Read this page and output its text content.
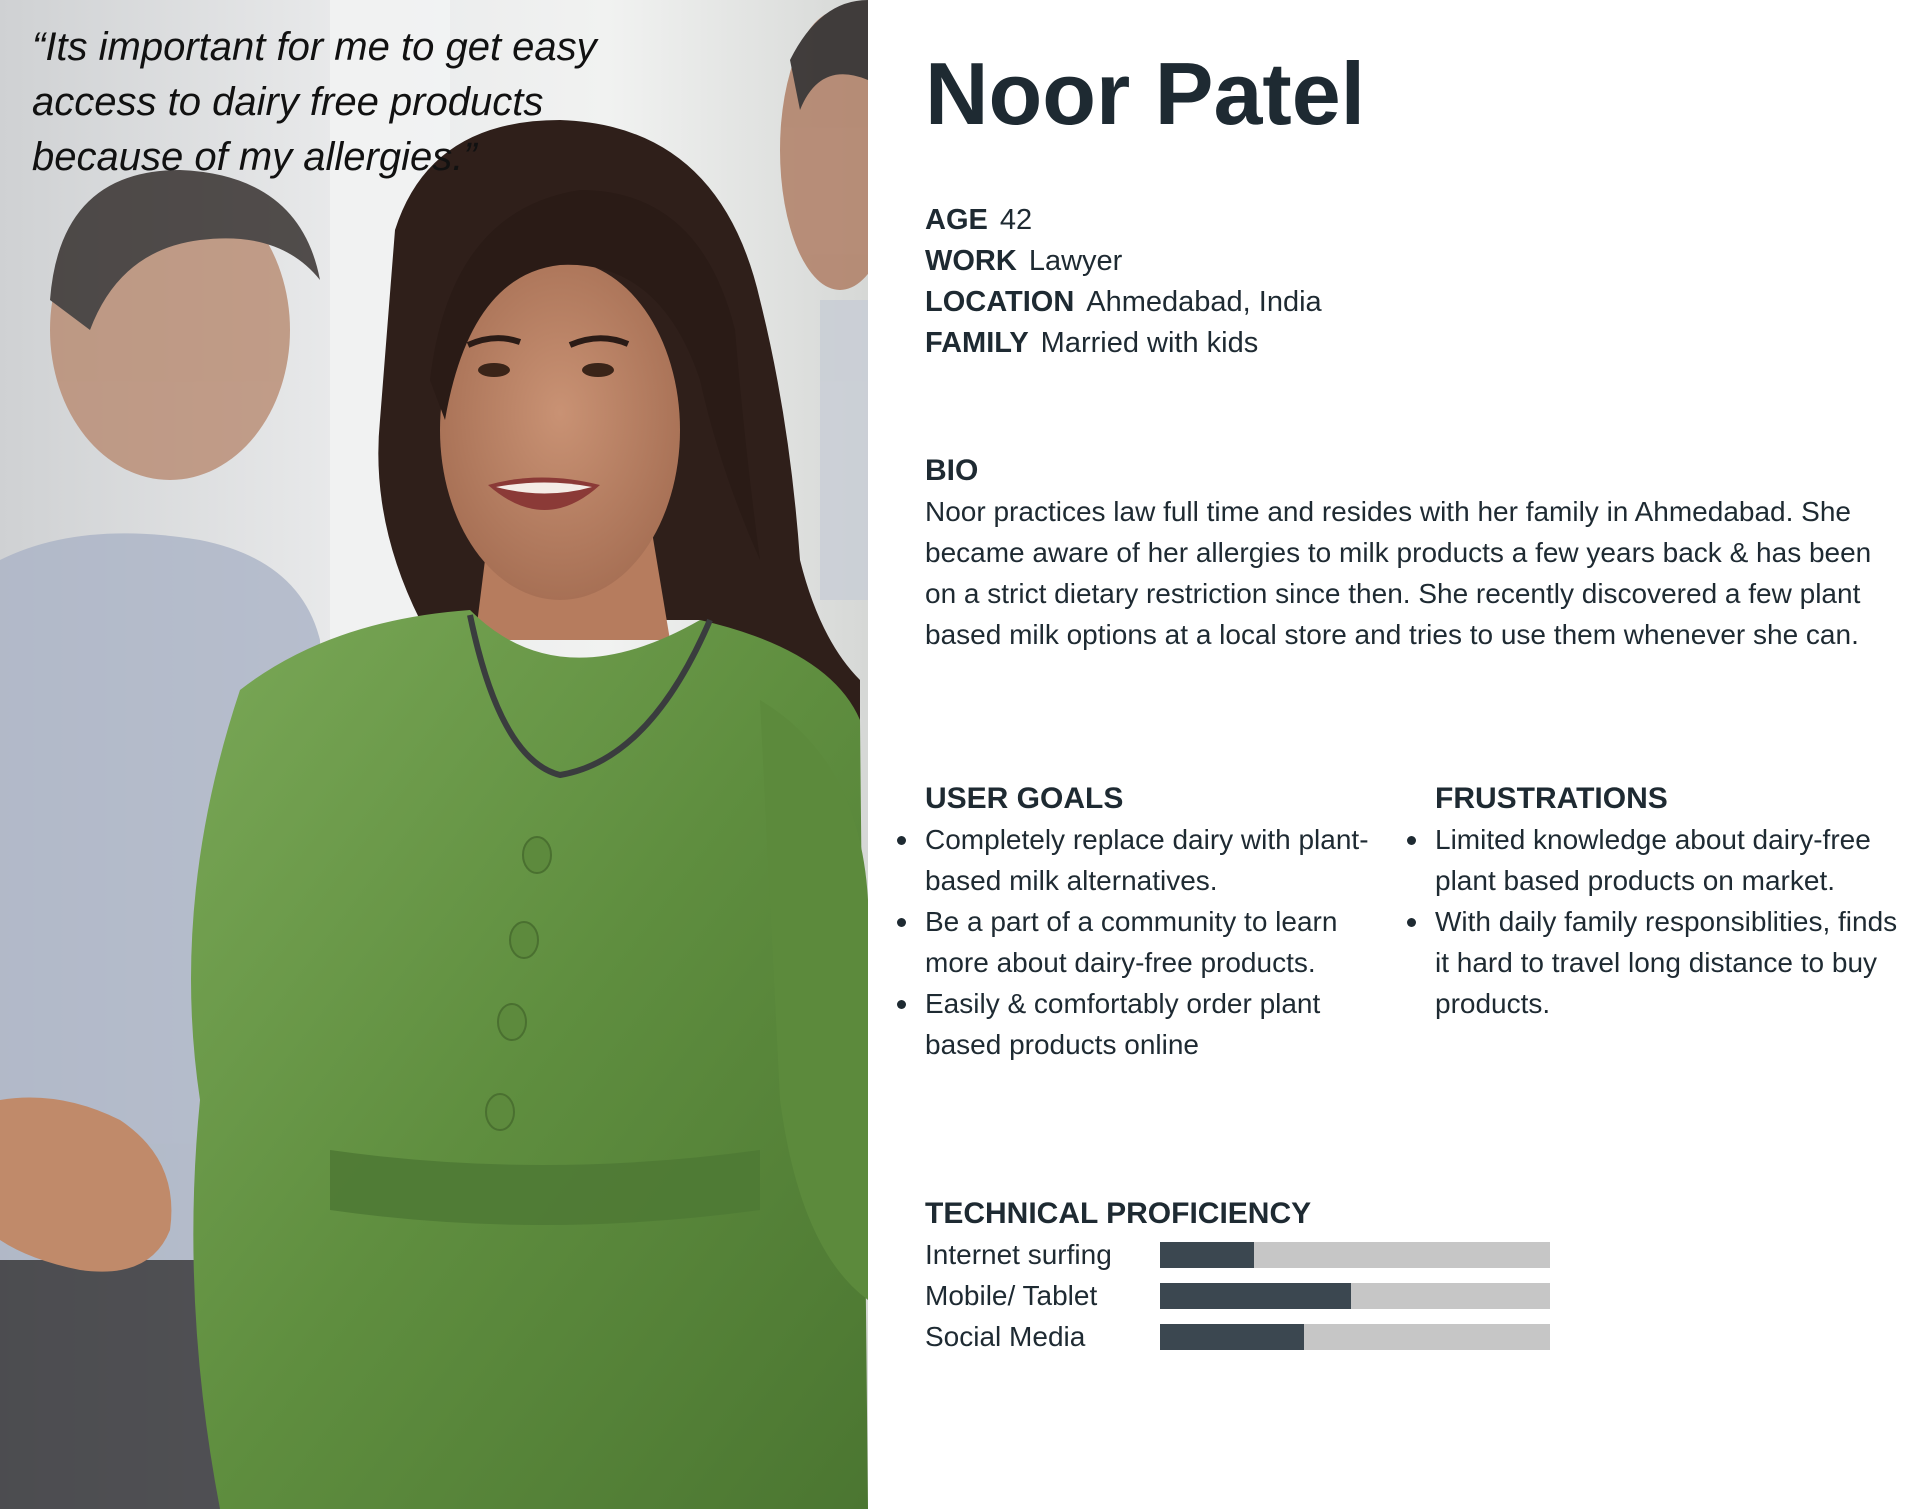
“Its important for me to get easy access to dairy free products because of my allergies.”

Noor Patel
AGE 42
WORK Lawyer
LOCATION Ahmedabad, India
FAMILY Married with kids
BIO

Noor practices law full time and resides with her family in Ahmedabad. She became aware of her allergies to milk products a few years back & has been on a strict dietary restriction since then. She recently discovered a few plant based milk options at a local store and tries to use them whenever she can.

USER GOALS
Completely replace dairy with plant-based milk alternatives.
Be a part of a community to learn more about dairy-free products.
Easily & comfortably order plant based products online
FRUSTRATIONS
Limited knowledge about dairy-free plant based products on market.
With daily family responsiblities, finds it hard to travel long distance to buy products.
TECHNICAL PROFICIENCY
Internet surfing
Mobile/ Tablet
Social Media
